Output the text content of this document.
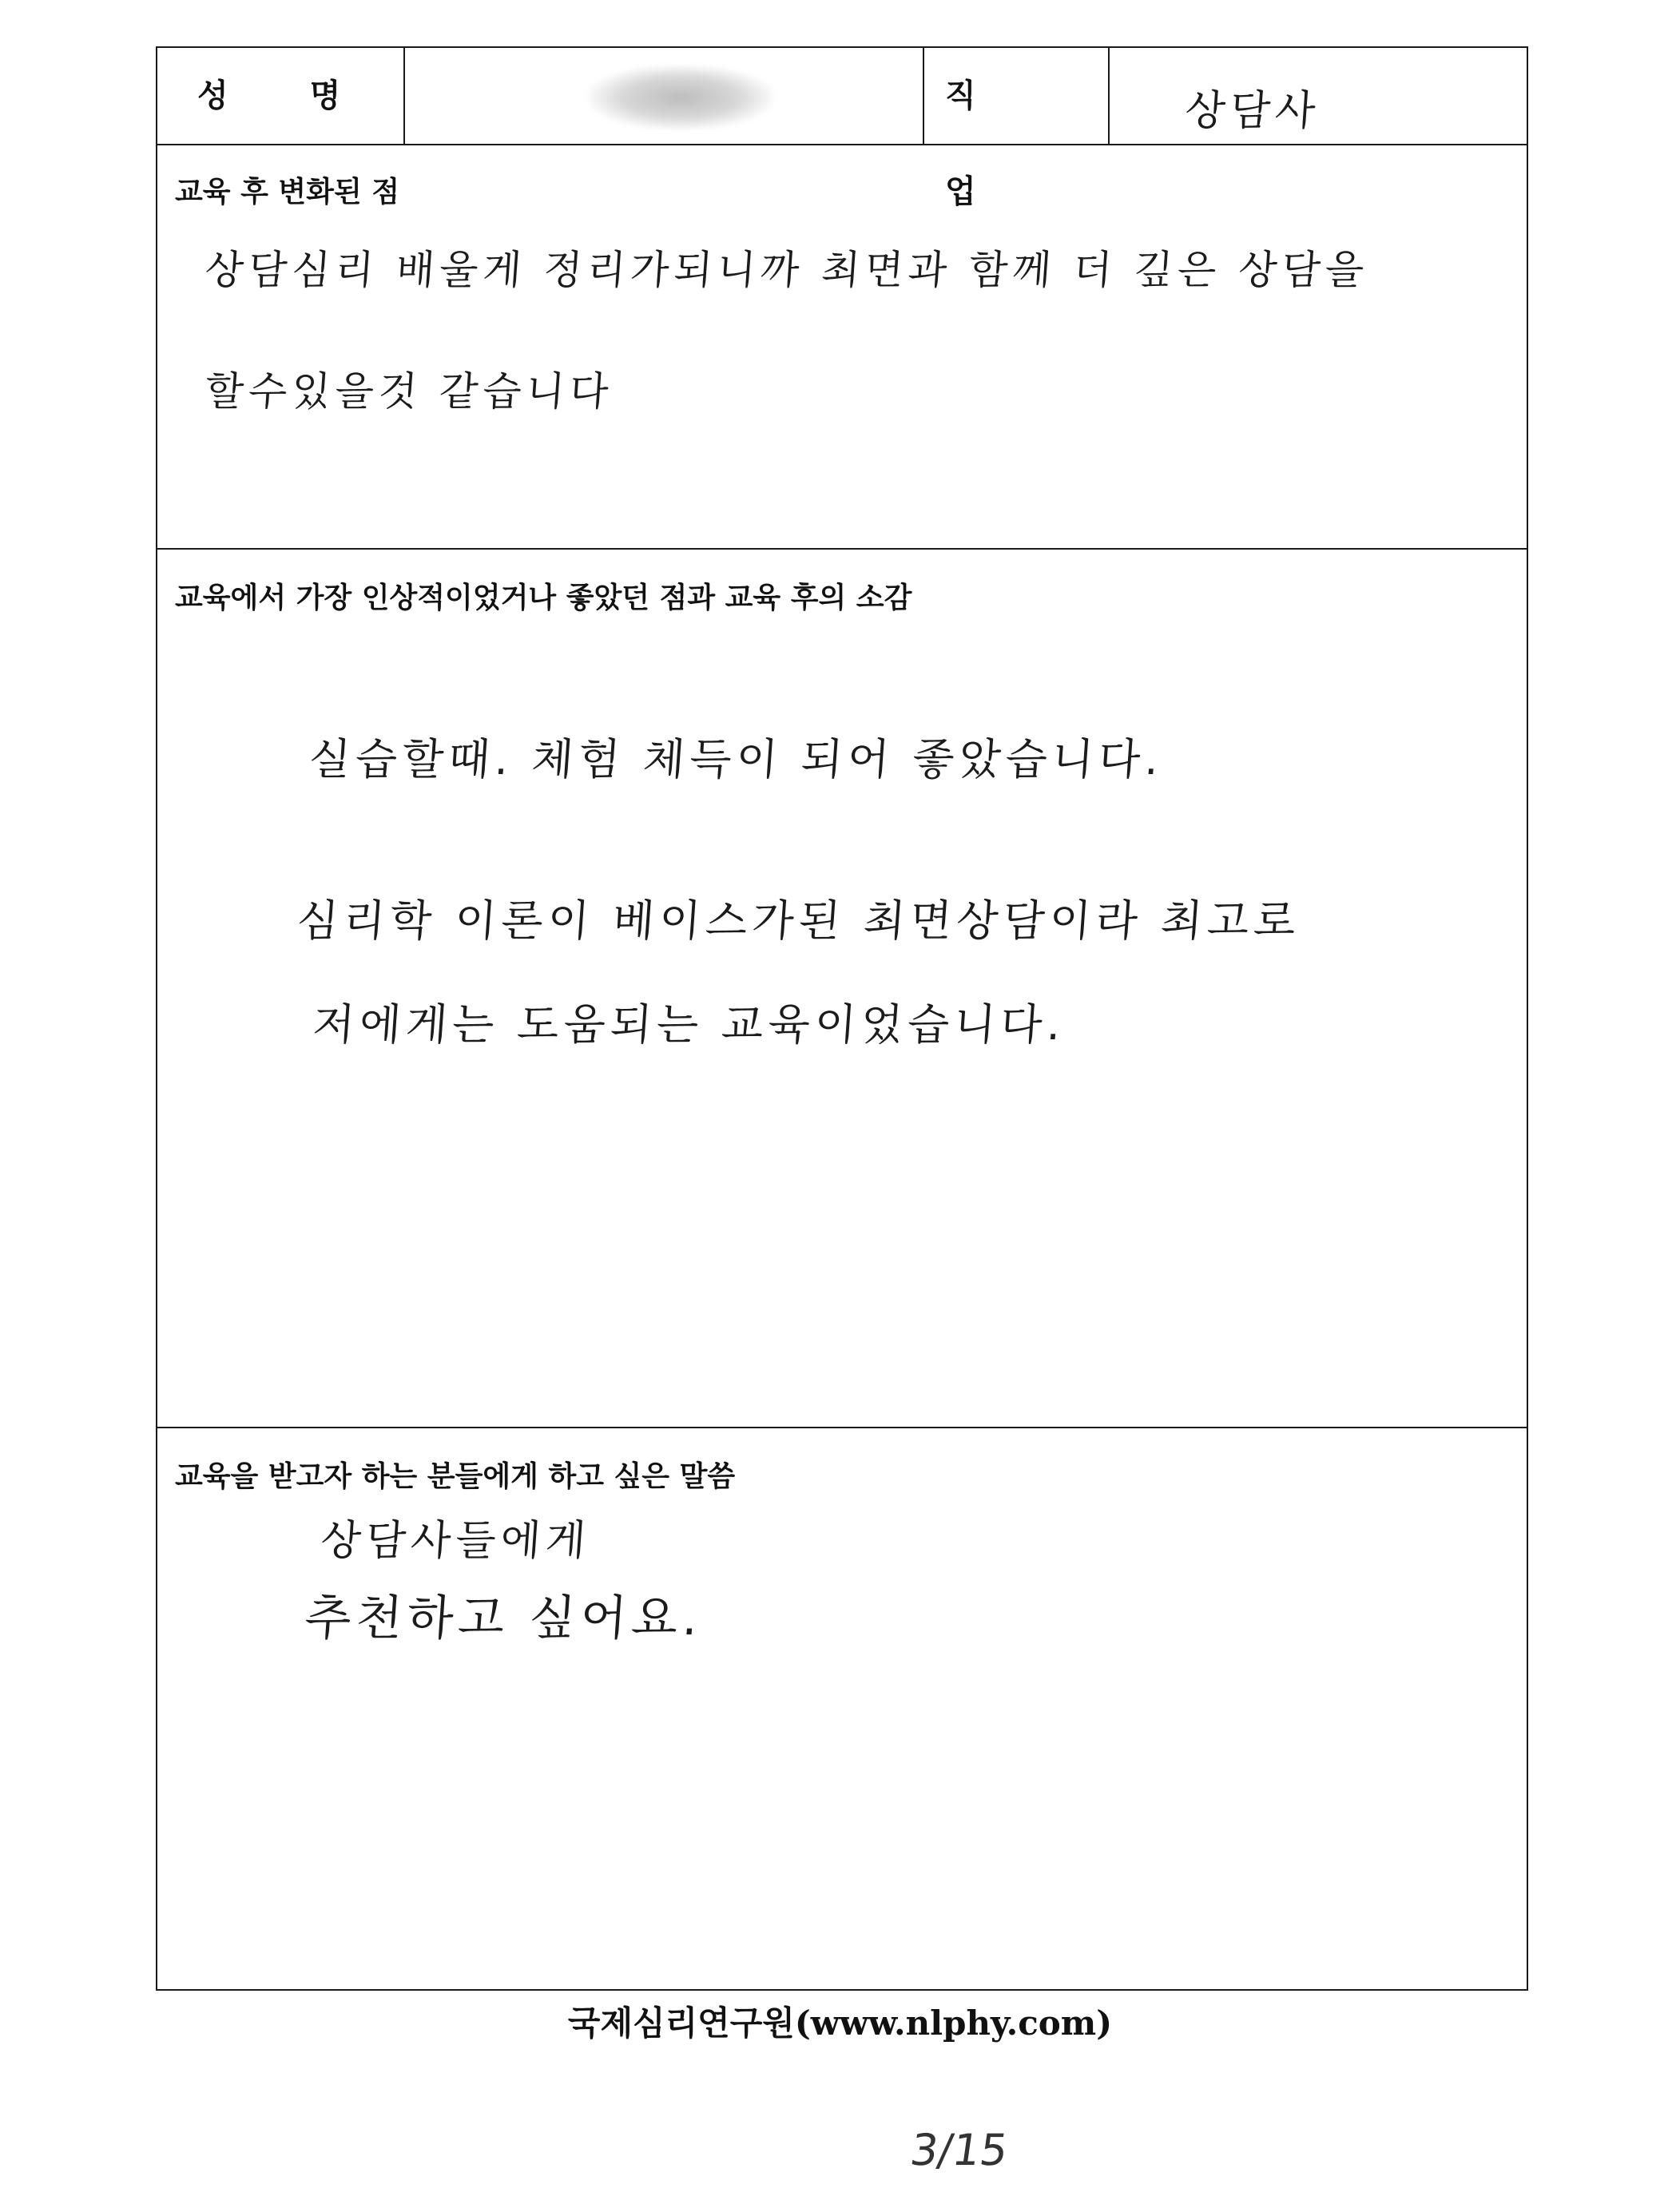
성 명	직 업
상담사
교육 후 변화된 점
상담심리 배울게 정리가되니까 최면과 함께 더 깊은 상담을
할수있을것 같습니다
교육에서 가장 인상적이었거나 좋았던 점과 교육 후의 소감
실습할때. 체험 체득이 되어 좋았습니다.
심리학 이론이 베이스가된 최면상담이라 최고로
저에게는 도움되는 교육이었습니다.
교육을 받고자 하는 분들에게 하고 싶은 말씀
상담사들에게
추천하고 싶어요.
국제심리연구원(www.nlphy.com)
3/15
